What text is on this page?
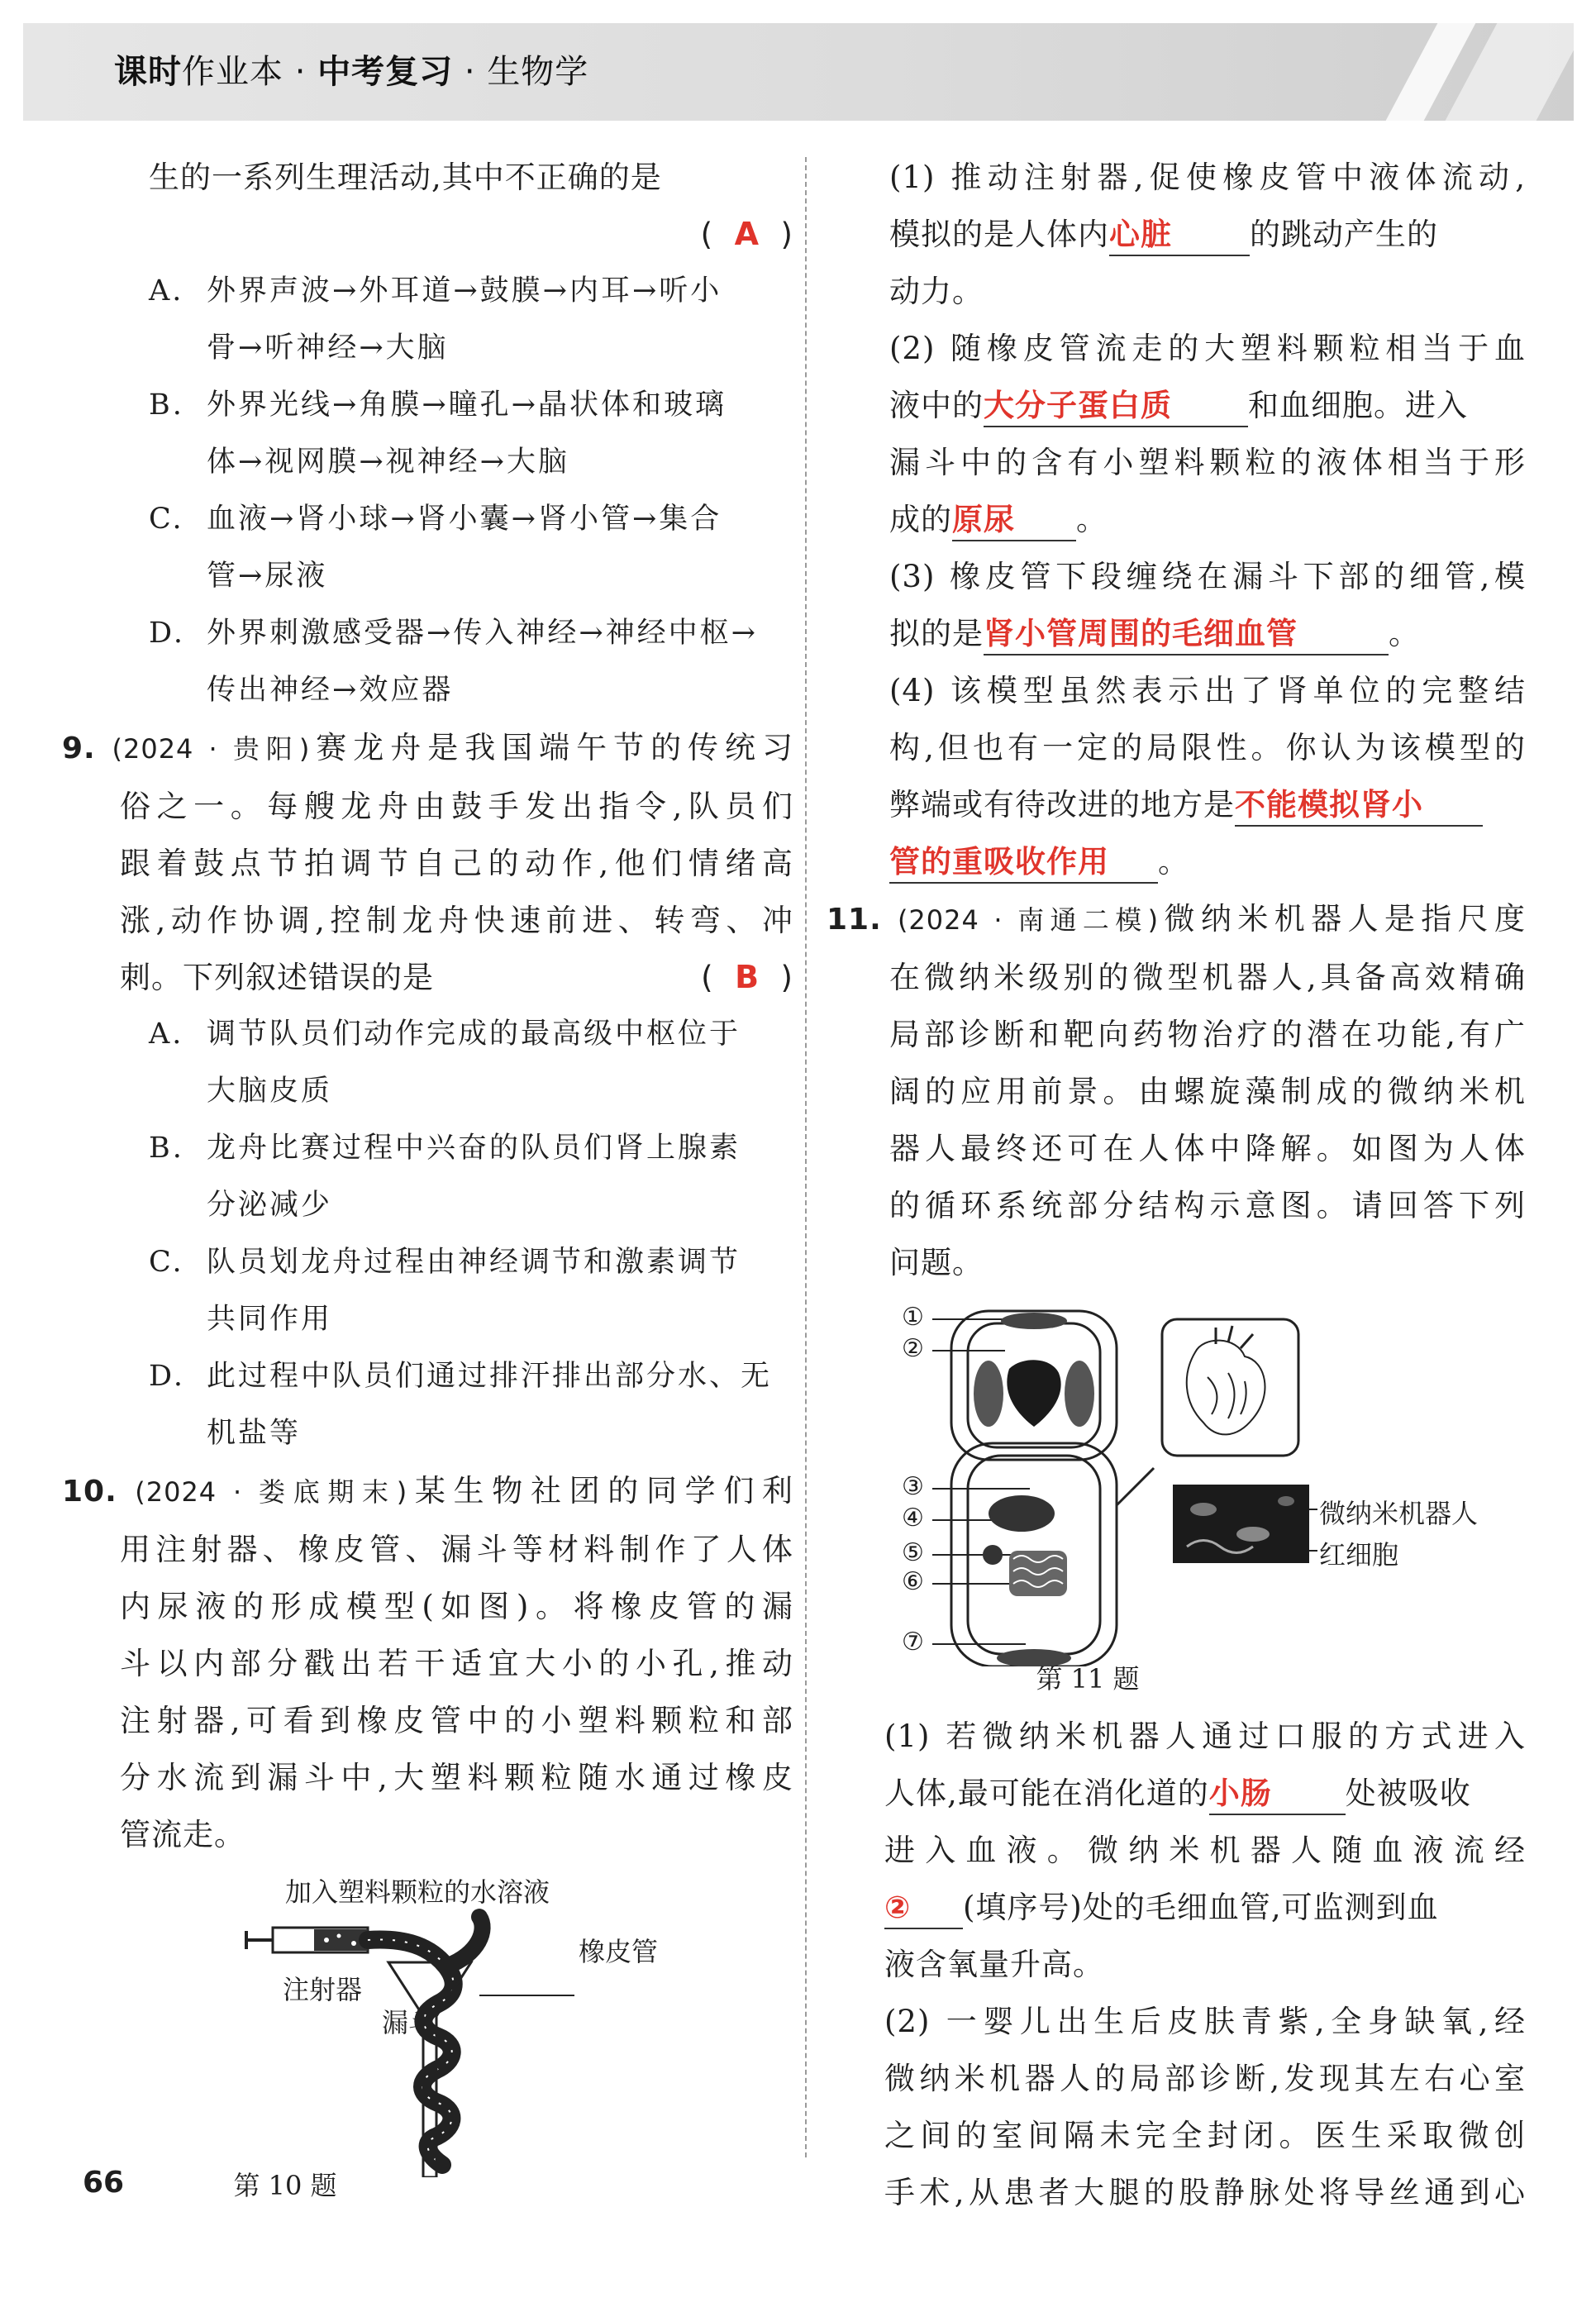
课时作业本 · 中考复习 · 生物学

生的一系列生理活动,其中不正确的是

(  A  )

A. 外界声波→外耳道→鼓膜→内耳→听小

骨→听神经→大脑

B. 外界光线→角膜→瞳孔→晶状体和玻璃

体→视网膜→视神经→大脑

C. 血液→肾小球→肾小囊→肾小管→集合

管→尿液

D. 外界刺激感受器→传入神经→神经中枢→

传出神经→效应器

9. (2024 · 贵阳)赛龙舟是我国端午节的传统习

俗之一。每艘龙舟由鼓手发出指令,队员们

跟着鼓点节拍调节自己的动作,他们情绪高

涨,动作协调,控制龙舟快速前进、转弯、冲

刺。下列叙述错误的是	(  B  )

A. 调节队员们动作完成的最高级中枢位于

大脑皮质

B. 龙舟比赛过程中兴奋的队员们肾上腺素

分泌减少

C. 队员划龙舟过程由神经调节和激素调节

共同作用

D. 此过程中队员们通过排汗排出部分水、无

机盐等

10. (2024 · 娄底期末)某生物社团的同学们利

用注射器、橡皮管、漏斗等材料制作了人体

内尿液的形成模型(如图)。将橡皮管的漏

斗以内部分戳出若干适宜大小的小孔,推动

注射器,可看到橡皮管中的小塑料颗粒和部

分水流到漏斗中,大塑料颗粒随水通过橡皮

管流走。

加入塑料颗粒的水溶液
橡皮管
注射器
漏斗
第 10 题

(1) 推动注射器,促使橡皮管中液体流动,

模拟的是人体内心脏	的跳动产生的

动力。

(2) 随橡皮管流走的大塑料颗粒相当于血

液中的大分子蛋白质 和血细胞。进入

漏斗中的含有小塑料颗粒的液体相当于形

成的原尿 。

(3) 橡皮管下段缠绕在漏斗下部的细管,模

拟的是肾小管周围的毛细血管	。

(4) 该模型虽然表示出了肾单位的完整结

构,但也有一定的局限性。你认为该模型的

弊端或有待改进的地方是不能模拟肾小

管的重吸收作用 。

11. (2024 · 南通二模)微纳米机器人是指尺度

在微纳米级别的微型机器人,具备高效精确

局部诊断和靶向药物治疗的潜在功能,有广

阔的应用前景。由螺旋藻制成的微纳米机

器人最终还可在人体中降解。如图为人体

的循环系统部分结构示意图。请回答下列

问题。

①
②
③
④
⑤
⑥
⑦
微纳米机器人
红细胞
第 11 题

(1) 若微纳米机器人通过口服的方式进入

人体,最可能在消化道的小肠 处被吸收

进入血液。微纳米机器人随血液流经

② (填序号)处的毛细血管,可监测到血

液含氧量升高。

(2) 一婴儿出生后皮肤青紫,全身缺氧,经

微纳米机器人的局部诊断,发现其左右心室

之间的室间隔未完全封闭。医生采取微创

手术,从患者大腿的股静脉处将导丝通到心

66
